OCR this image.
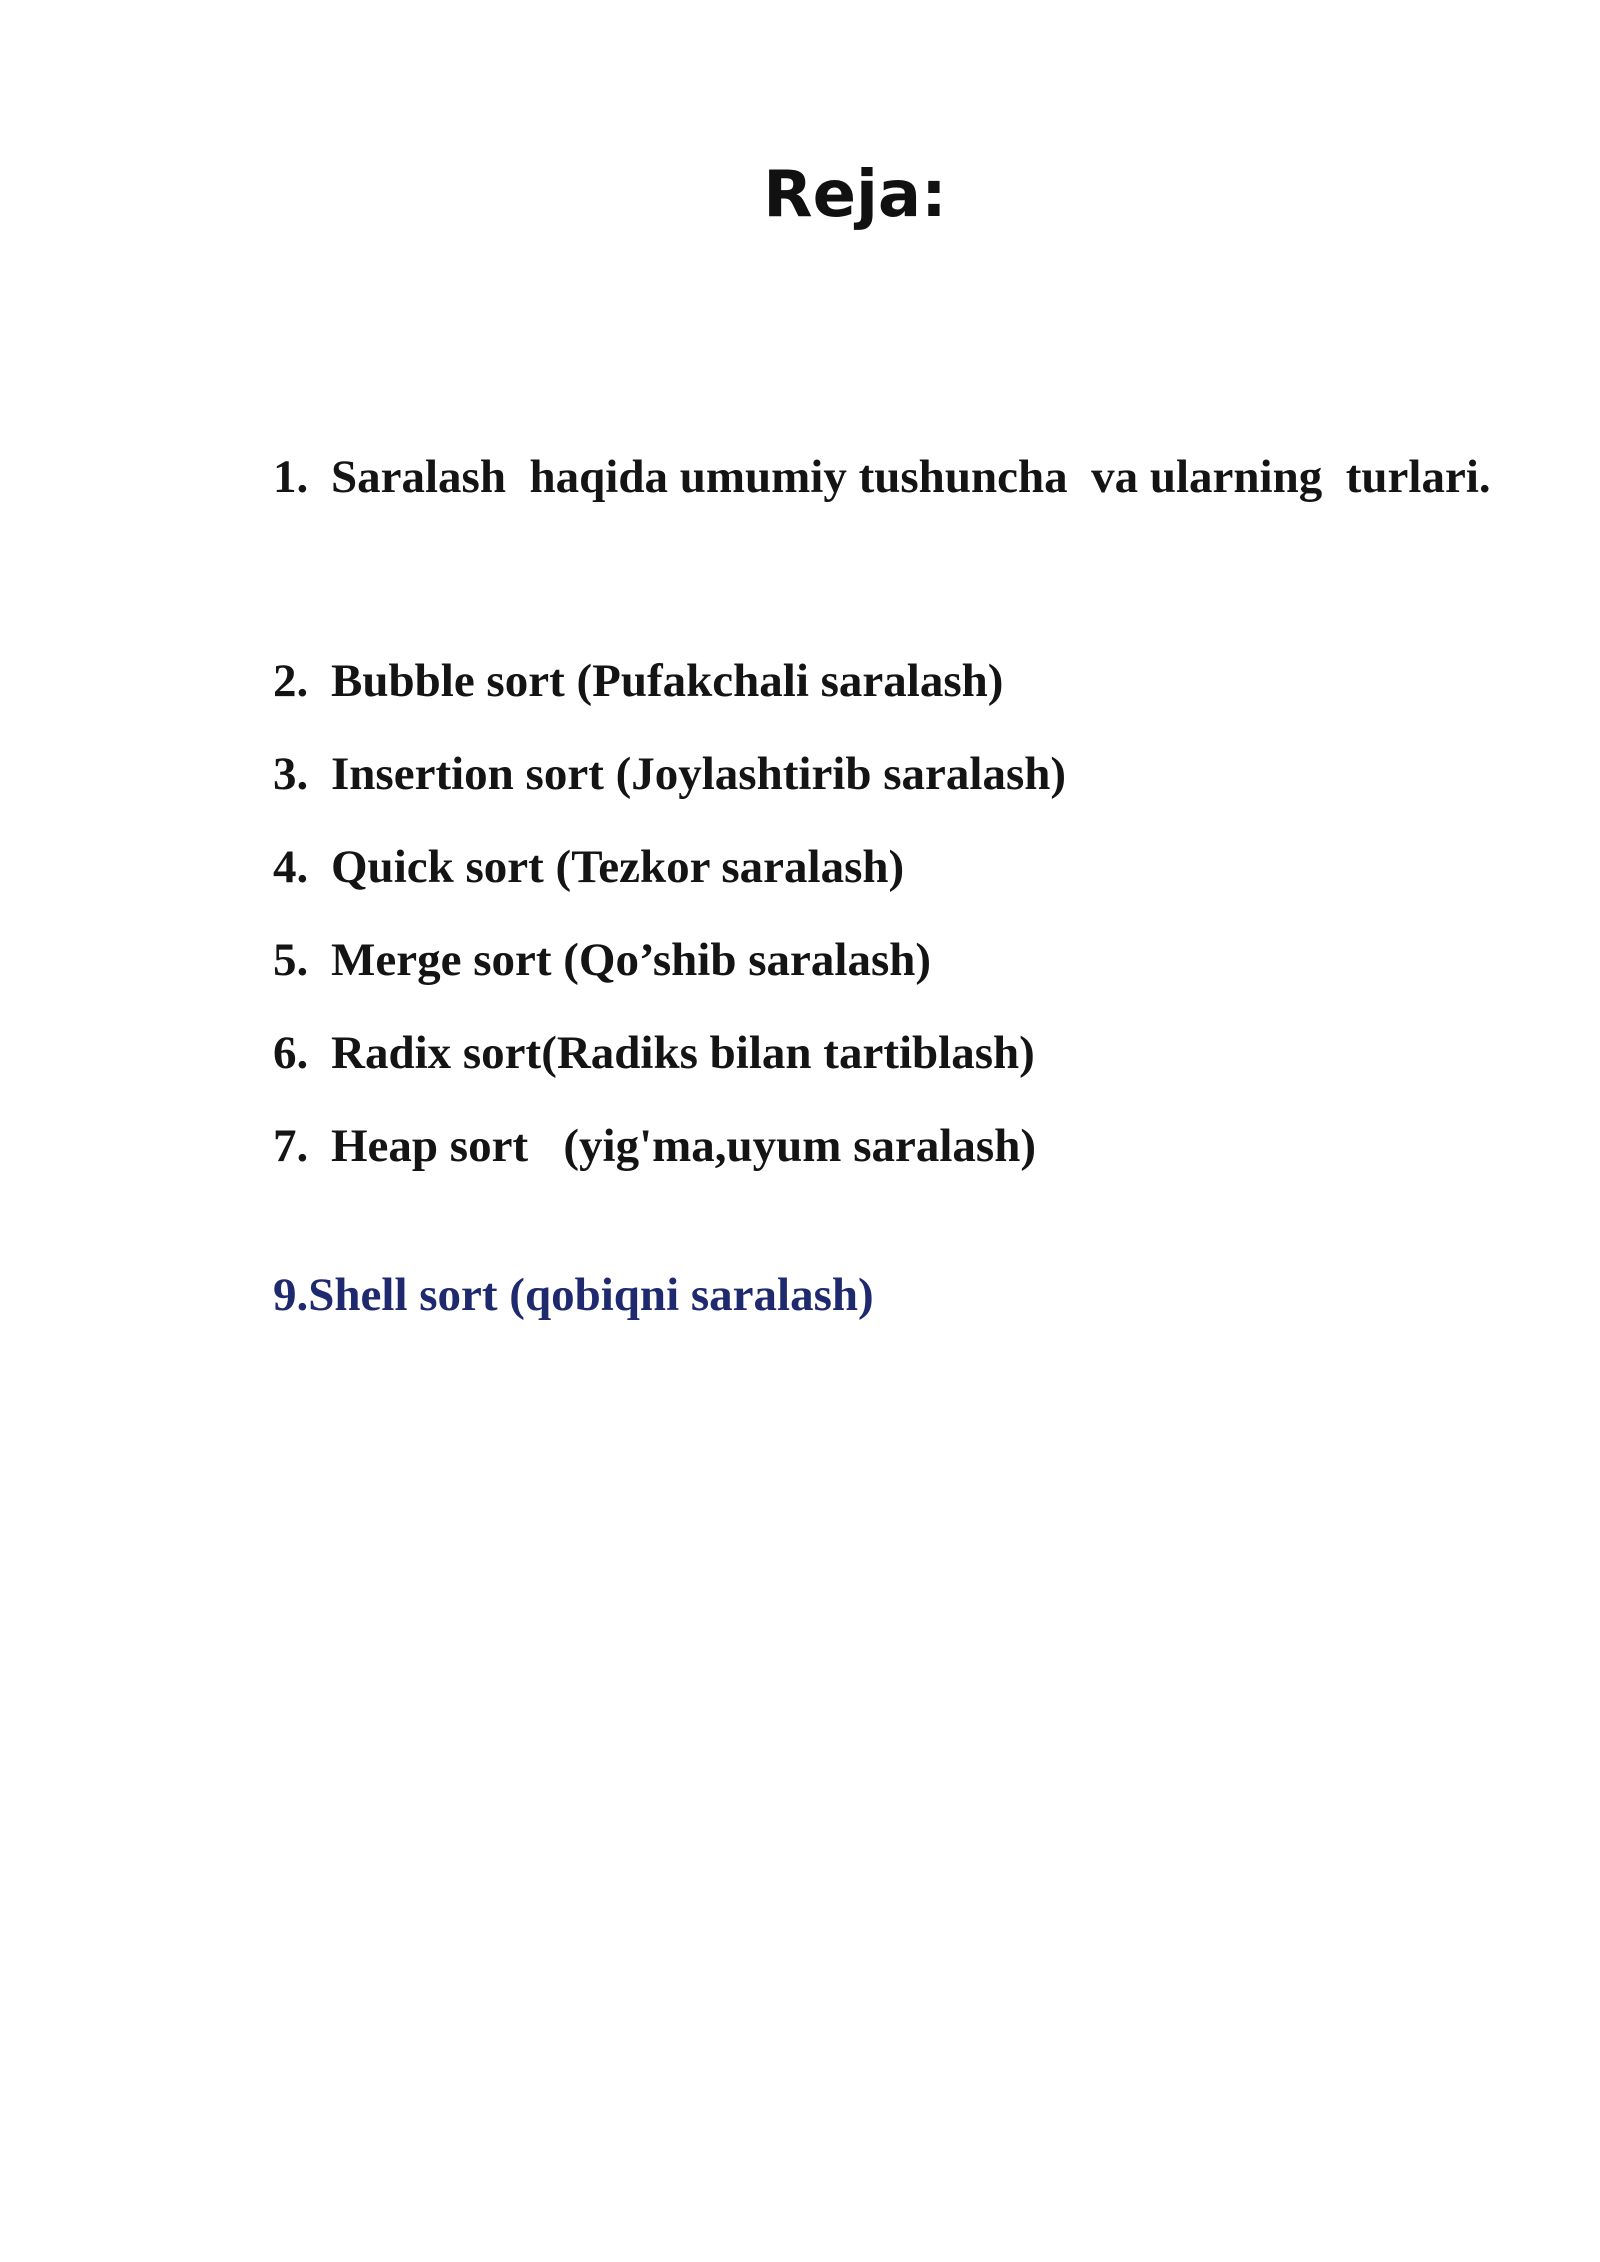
Reja:

1. Saralash  haqida umumiy tushuncha  va ularning  turlari.

2. Bubble sort (Pufakchali saralash)

3. Insertion sort (Joylashtirib saralash)

4. Quick sort (Tezkor saralash)

5. Merge sort (Qo’shib saralash)

6. Radix sort(Radiks bilan tartiblash)

7. Heap sort   (yig'ma,uyum saralash)

9.Shell sort (qobiqni saralash)
